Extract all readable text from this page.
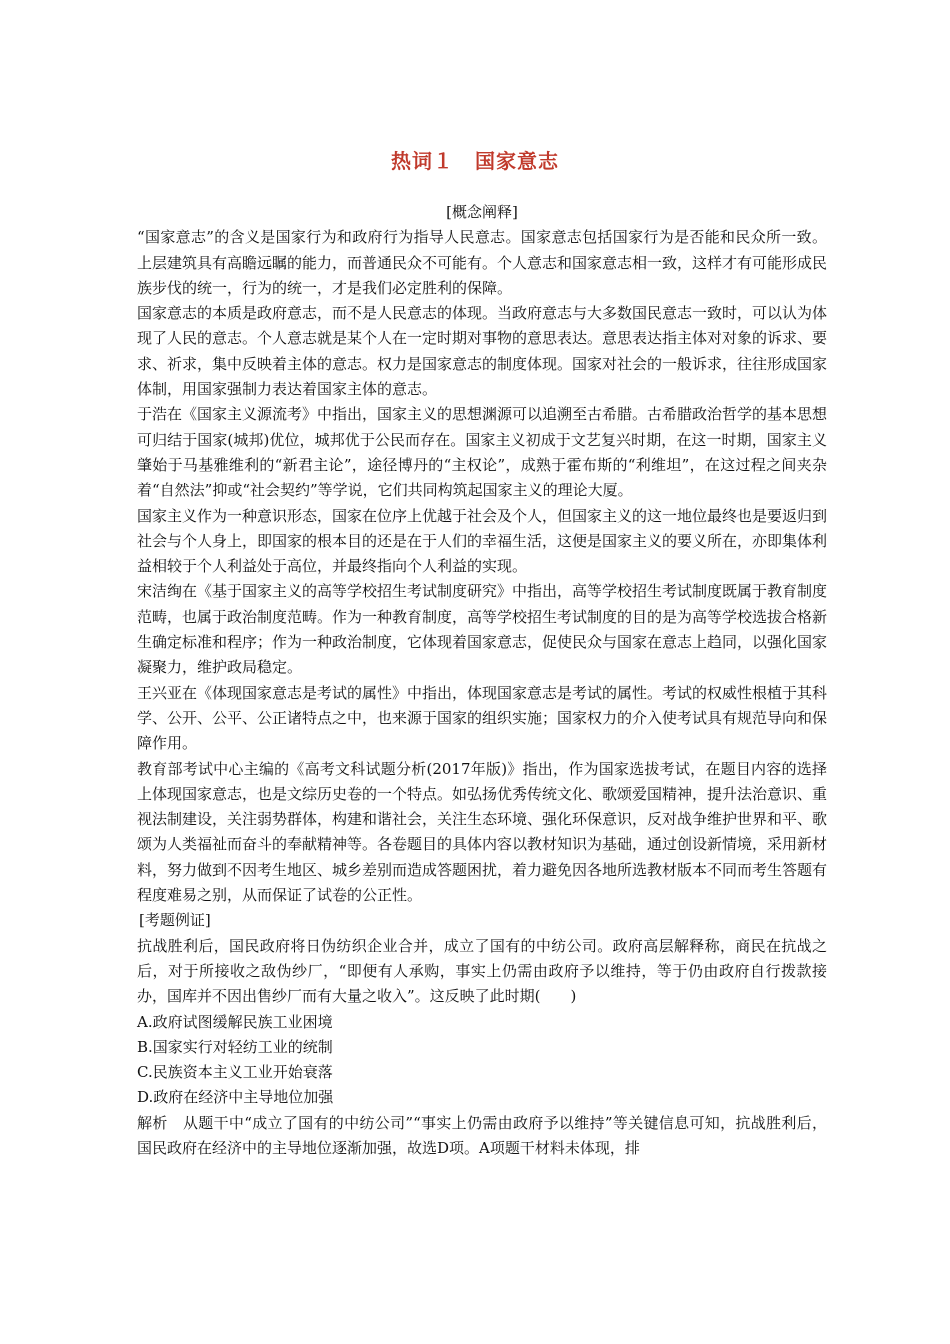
热词１　国家意志

[概念阐释]

“国家意志”的含义是国家行为和政府行为指导人民意志。国家意志包括国家行为是否能和民众所一致。上层建筑具有高瞻远瞩的能力，而普通民众不可能有。个人意志和国家意志相一致，这样才有可能形成民族步伐的统一，行为的统一，才是我们必定胜利的保障。

国家意志的本质是政府意志，而不是人民意志的体现。当政府意志与大多数国民意志一致时，可以认为体现了人民的意志。个人意志就是某个人在一定时期对事物的意思表达。意思表达指主体对对象的诉求、要求、祈求，集中反映着主体的意志。权力是国家意志的制度体现。国家对社会的一般诉求，往往形成国家体制，用国家强制力表达着国家主体的意志。

于浩在《国家主义源流考》中指出，国家主义的思想渊源可以追溯至古希腊。古希腊政治哲学的基本思想可归结于国家(城邦)优位，城邦优于公民而存在。国家主义初成于文艺复兴时期，在这一时期，国家主义肇始于马基雅维利的“新君主论”，途径博丹的“主权论”，成熟于霍布斯的“利维坦”，在这过程之间夹杂着“自然法”抑或“社会契约”等学说，它们共同构筑起国家主义的理论大厦。

国家主义作为一种意识形态，国家在位序上优越于社会及个人，但国家主义的这一地位最终也是要返归到社会与个人身上，即国家的根本目的还是在于人们的幸福生活，这便是国家主义的要义所在，亦即集体利益相较于个人利益处于高位，并最终指向个人利益的实现。

宋洁绚在《基于国家主义的高等学校招生考试制度研究》中指出，高等学校招生考试制度既属于教育制度范畴，也属于政治制度范畴。作为一种教育制度，高等学校招生考试制度的目的是为高等学校选拔合格新生确定标准和程序；作为一种政治制度，它体现着国家意志，促使民众与国家在意志上趋同，以强化国家凝聚力，维护政局稳定。

王兴亚在《体现国家意志是考试的属性》中指出，体现国家意志是考试的属性。考试的权威性根植于其科学、公开、公平、公正诸特点之中，也来源于国家的组织实施；国家权力的介入使考试具有规范导向和保障作用。

教育部考试中心主编的《高考文科试题分析(2017年版)》指出，作为国家选拔考试，在题目内容的选择上体现国家意志，也是文综历史卷的一个特点。如弘扬优秀传统文化、歌颂爱国精神，提升法治意识、重视法制建设，关注弱势群体，构建和谐社会，关注生态环境、强化环保意识，反对战争维护世界和平、歌颂为人类福祉而奋斗的奉献精神等。各卷题目的具体内容以教材知识为基础，通过创设新情境，采用新材料，努力做到不因考生地区、城乡差别而造成答题困扰，着力避免因各地所选教材版本不同而考生答题有程度难易之别，从而保证了试卷的公正性。

[考题例证]

抗战胜利后，国民政府将日伪纺织企业合并，成立了国有的中纺公司。政府高层解释称，商民在抗战之后，对于所接收之敌伪纱厂，“即便有人承购，事实上仍需由政府予以维持，等于仍由政府自行拨款接办，国库并不因出售纱厂而有大量之收入”。这反映了此时期(　　)

A.政府试图缓解民族工业困境

B.国家实行对轻纺工业的统制

C.民族资本主义工业开始衰落

D.政府在经济中主导地位加强

解析　从题干中“成立了国有的中纺公司”“事实上仍需由政府予以维持”等关键信息可知，抗战胜利后，国民政府在经济中的主导地位逐渐加强，故选D项。A项题干材料未体现，排
